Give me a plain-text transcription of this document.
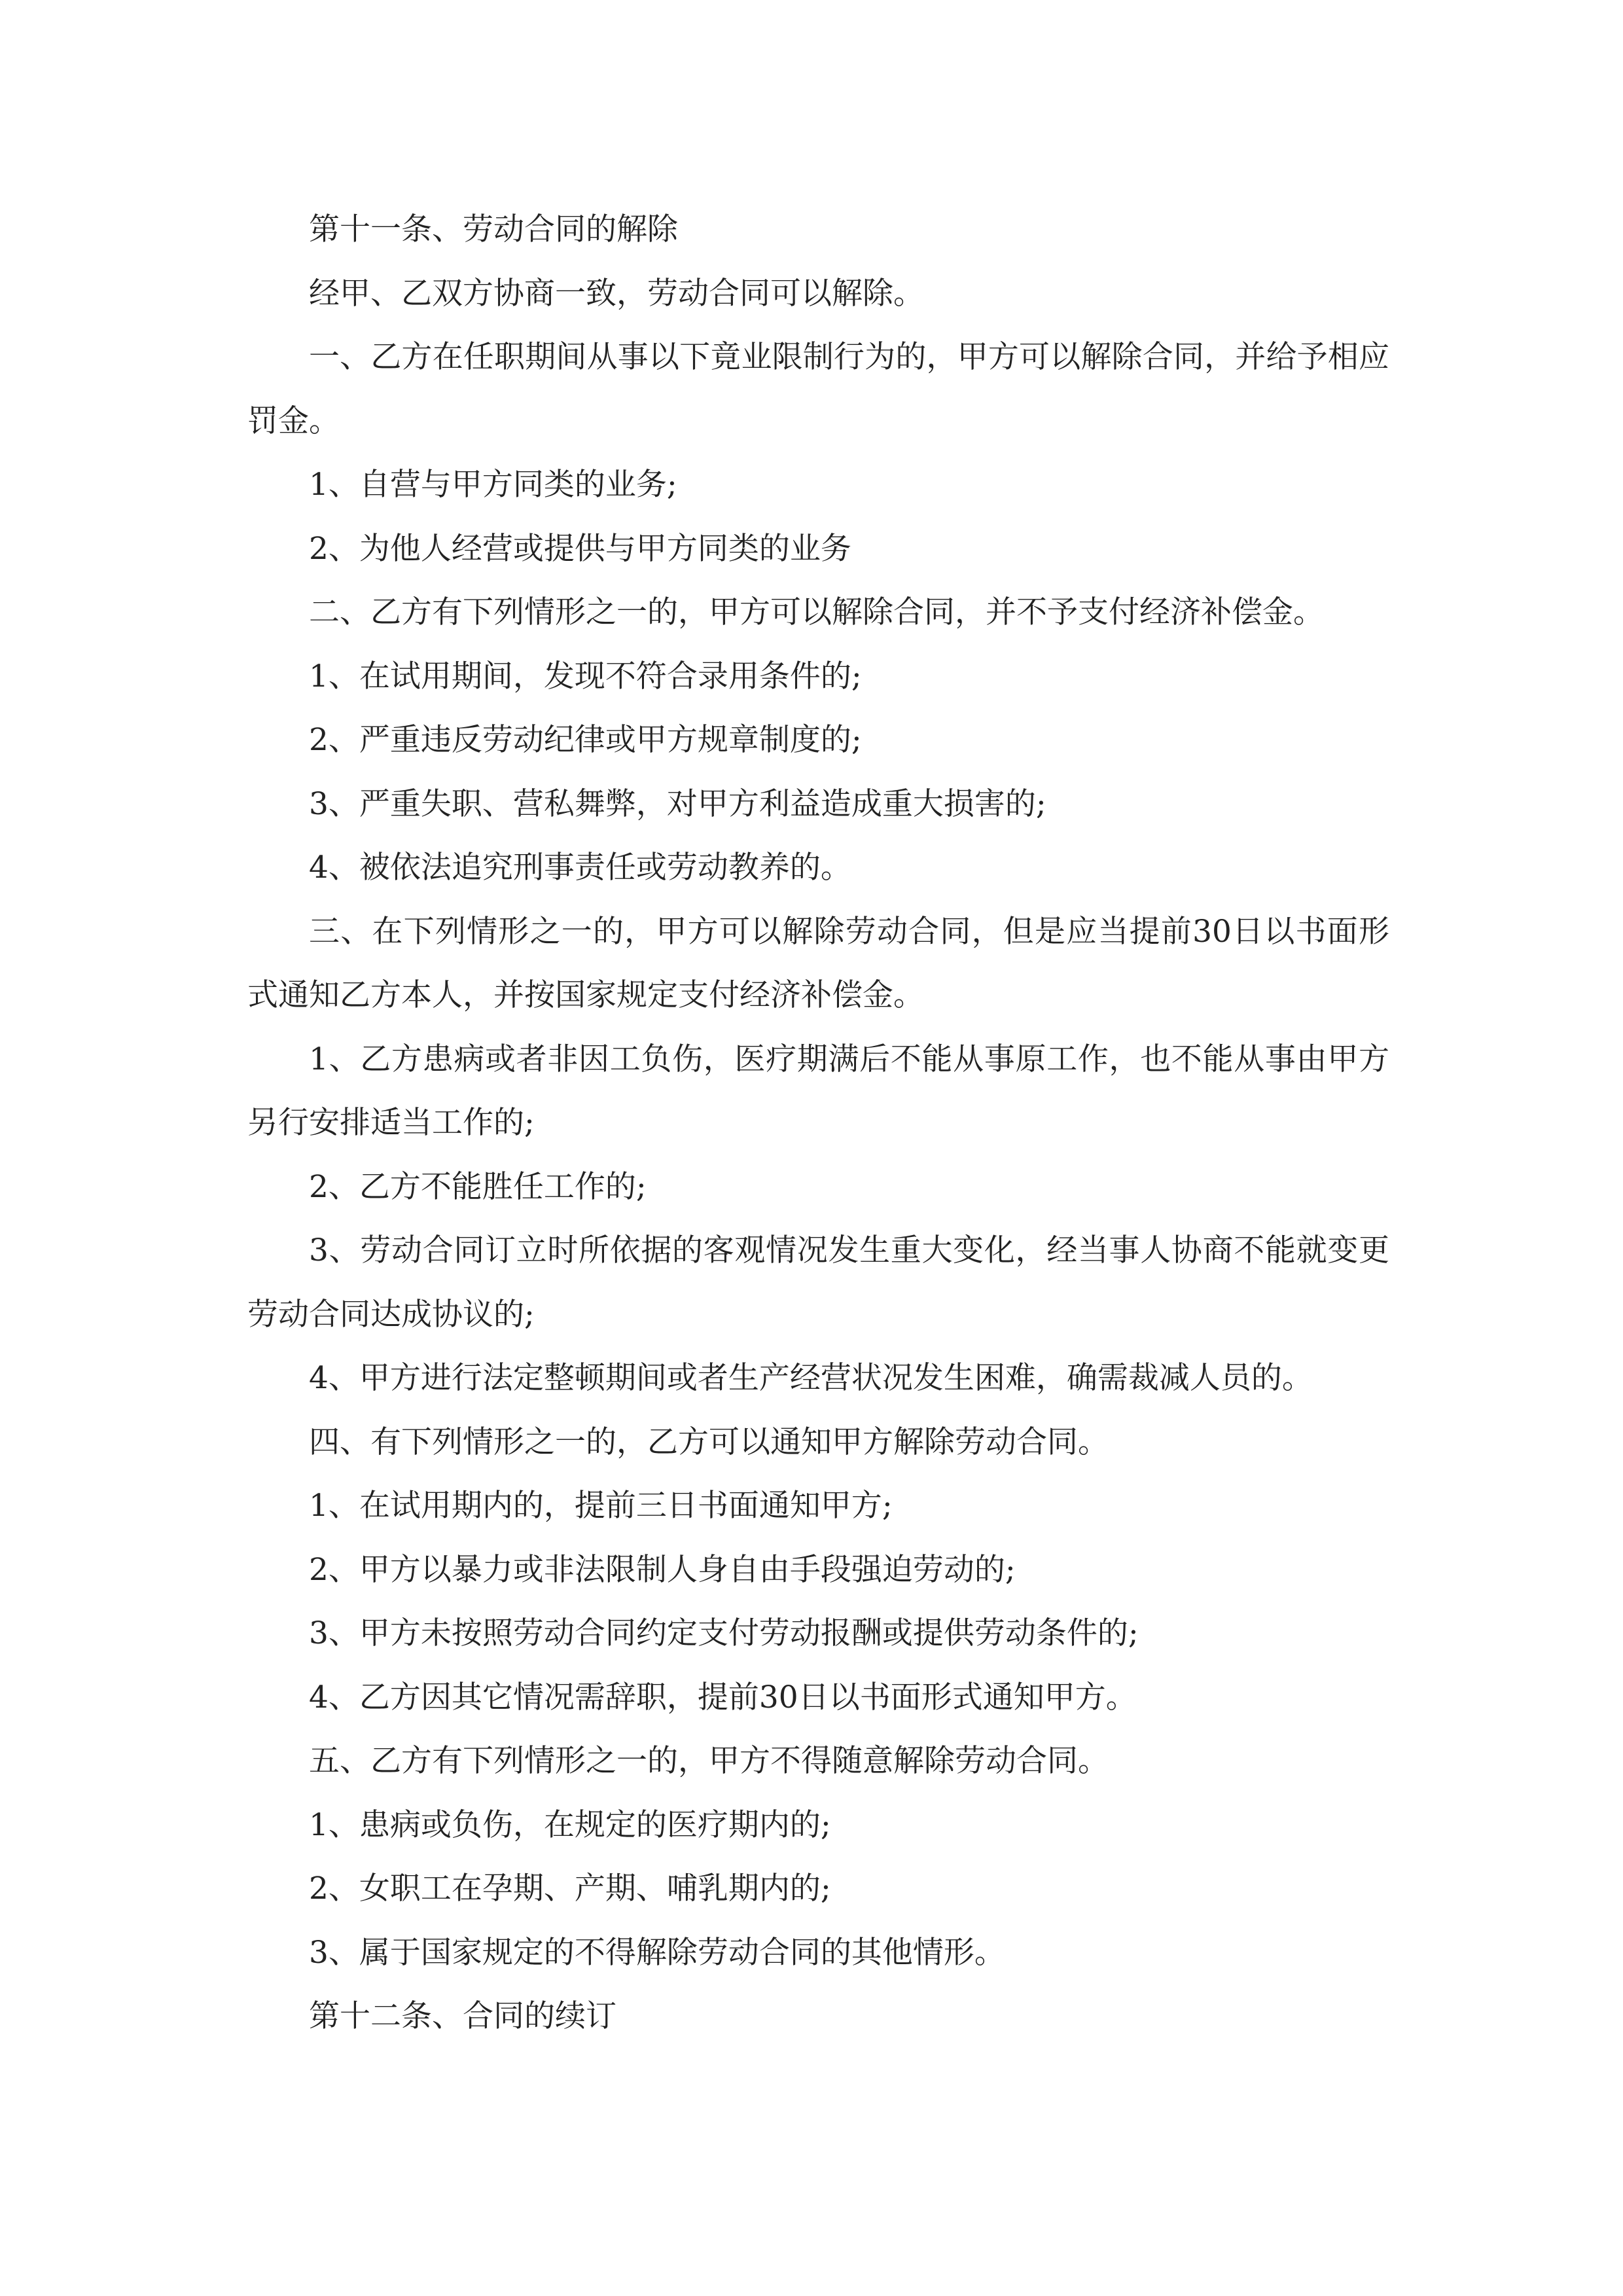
第十一条、劳动合同的解除

经甲、乙双方协商一致，劳动合同可以解除。

一、乙方在任职期间从事以下竟业限制行为的，甲方可以解除合同，并给予相应罚金。

1、自营与甲方同类的业务;

2、为他人经营或提供与甲方同类的业务

二、乙方有下列情形之一的，甲方可以解除合同，并不予支付经济补偿金。

1、在试用期间，发现不符合录用条件的;

2、严重违反劳动纪律或甲方规章制度的;

3、严重失职、营私舞弊，对甲方利益造成重大损害的;

4、被依法追究刑事责任或劳动教养的。

三、在下列情形之一的，甲方可以解除劳动合同，但是应当提前30日以书面形式通知乙方本人，并按国家规定支付经济补偿金。

1、乙方患病或者非因工负伤，医疗期满后不能从事原工作，也不能从事由甲方另行安排适当工作的;

2、乙方不能胜任工作的;

3、劳动合同订立时所依据的客观情况发生重大变化，经当事人协商不能就变更劳动合同达成协议的;

4、甲方进行法定整顿期间或者生产经营状况发生困难，确需裁减人员的。

四、有下列情形之一的，乙方可以通知甲方解除劳动合同。

1、在试用期内的，提前三日书面通知甲方;

2、甲方以暴力或非法限制人身自由手段强迫劳动的;

3、甲方未按照劳动合同约定支付劳动报酬或提供劳动条件的;

4、乙方因其它情况需辞职，提前30日以书面形式通知甲方。

五、乙方有下列情形之一的，甲方不得随意解除劳动合同。

1、患病或负伤，在规定的医疗期内的;

2、女职工在孕期、产期、哺乳期内的;

3、属于国家规定的不得解除劳动合同的其他情形。

第十二条、合同的续订
